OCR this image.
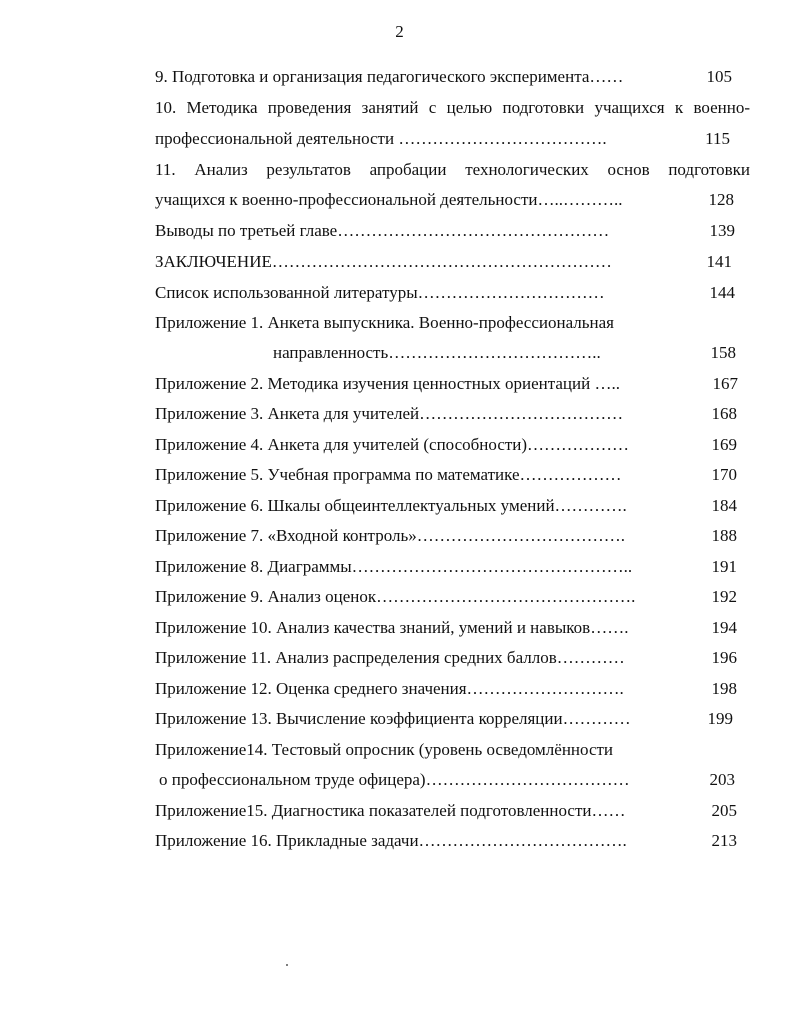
2
9. Подготовка и организация педагогического эксперимента……	105
10. Методика проведения занятий с целью подготовки учащихся к военно-
профессиональной деятельности ……………………………….	115
11. Анализ результатов апробации технологических основ подготовки
учащихся к военно-профессиональной деятельности…..………..	128
Выводы по третьей главе…………………………………………	139
ЗАКЛЮЧЕНИЕ……………………………………………………	141
Список использованной литературы……………………………	144
Приложение 1. Анкета выпускника. Военно-профессиональная
направленность………………………………..	158
Приложение 2. Методика изучения ценностных ориентаций …..	167
Приложение 3. Анкета для учителей………………………………	168
Приложение 4. Анкета для учителей (способности)………………	169
Приложение 5. Учебная программа по математике………………	170
Приложение 6. Шкалы общеинтеллектуальных умений………….	184
Приложение 7. «Входной контроль»……………………………….	188
Приложение 8. Диаграммы…………………………………………..	191
Приложение 9. Анализ оценок……………………………………….	192
Приложение 10. Анализ качества знаний, умений и навыков…….	194
Приложение 11. Анализ распределения средних баллов…………	196
Приложение 12. Оценка среднего значения……………………….	198
Приложение 13. Вычисление коэффициента корреляции…………	199
Приложение14. Тестовый опросник (уровень осведомлённости
о профессиональном труде офицера)………………………………	203
Приложение15. Диагностика показателей подготовленности……	205
Приложение 16. Прикладные задачи……………………………….	213
